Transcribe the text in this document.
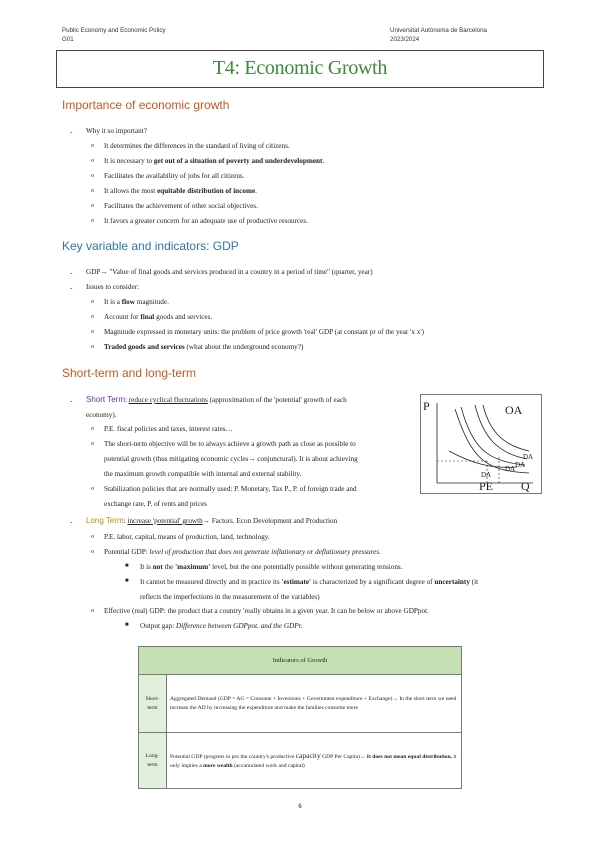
Public Economy and Economic Policy
G01
Universitat Autònoma de Barcelona
2023/2024
T4: Economic Growth
Importance of economic growth
- Why it so important?
o It determines the differences in the standard of living of citizens.
o It is necessary to get out of a situation of poverty and underdevelopment.
o Facilitates the availability of jobs for all citizens.
o It allows the most equitable distribution of income.
o Facilitates the achievement of other social objectives.
o It favors a greater concern for an adequate use of productive resources.
Key variable and indicators: GDP
- GDP→ "Value of final goods and services produced in a country in a period of time" (quarter, year)
- Issues to consider:
o It is a flow magnitude.
o Account for final goods and services.
o Magnitude expressed in monetary units: the problem of price growth 'real' GDP (at constant pr of the year 'x x')
o Traded goods and services (what about the underground economy?)
Short-term and long-term
- Short Term: reduce cyclical fluctuations (approximation of the 'potential' growth of each
economy).
o P.E. fiscal policies and taxes, interest rates…
o The short-term objective will be to always achieve a growth path as close as possible to
potential growth (thus mitigating economic cycles→ conjunctural). It is about achieving
the maximum growth compatible with internal and external stability.
o Stabilization policies that are normally used: P. Monetary, Tax P., P. of foreign trade and
exchange rate, P. of rents and prices
- Long Term: increase 'potential' growth→ Factors. Econ Development and Production
o P.E. labor, capital, means of production, land, technology.
o Potential GDP: level of production that does not generate inflationary or deflationary pressures.
■ It is not the 'maximum' level, but the one potentially possible without generating tensions.
■ It cannot be measured directly and in practice its 'estimate' is characterized by a significant degree of uncertainty (it
reflects the imperfections in the measurement of the variables)
o Effective (real) GDP: the product that a country 'really obtains in a given year. It can be below or above GDPpot.
■ Output gap: Difference between GDPpot. and the GDPr.
P	OA
DA
DA
DA
DA
PE Q
Indicators of Growth	
Short-term	Aggregated Demand (GDP = AG = Consume + Inversions + Government expenditure + Exchange)→ In the short term we need increase the AD by increasing the expenditure and make the families consume more
Long-term	Potential GDP (progress in pro the country's productive capacity GDP Per Capita)→ It does not mean equal distribution, it only implies a more wealth (accumulated work and capital)
6
